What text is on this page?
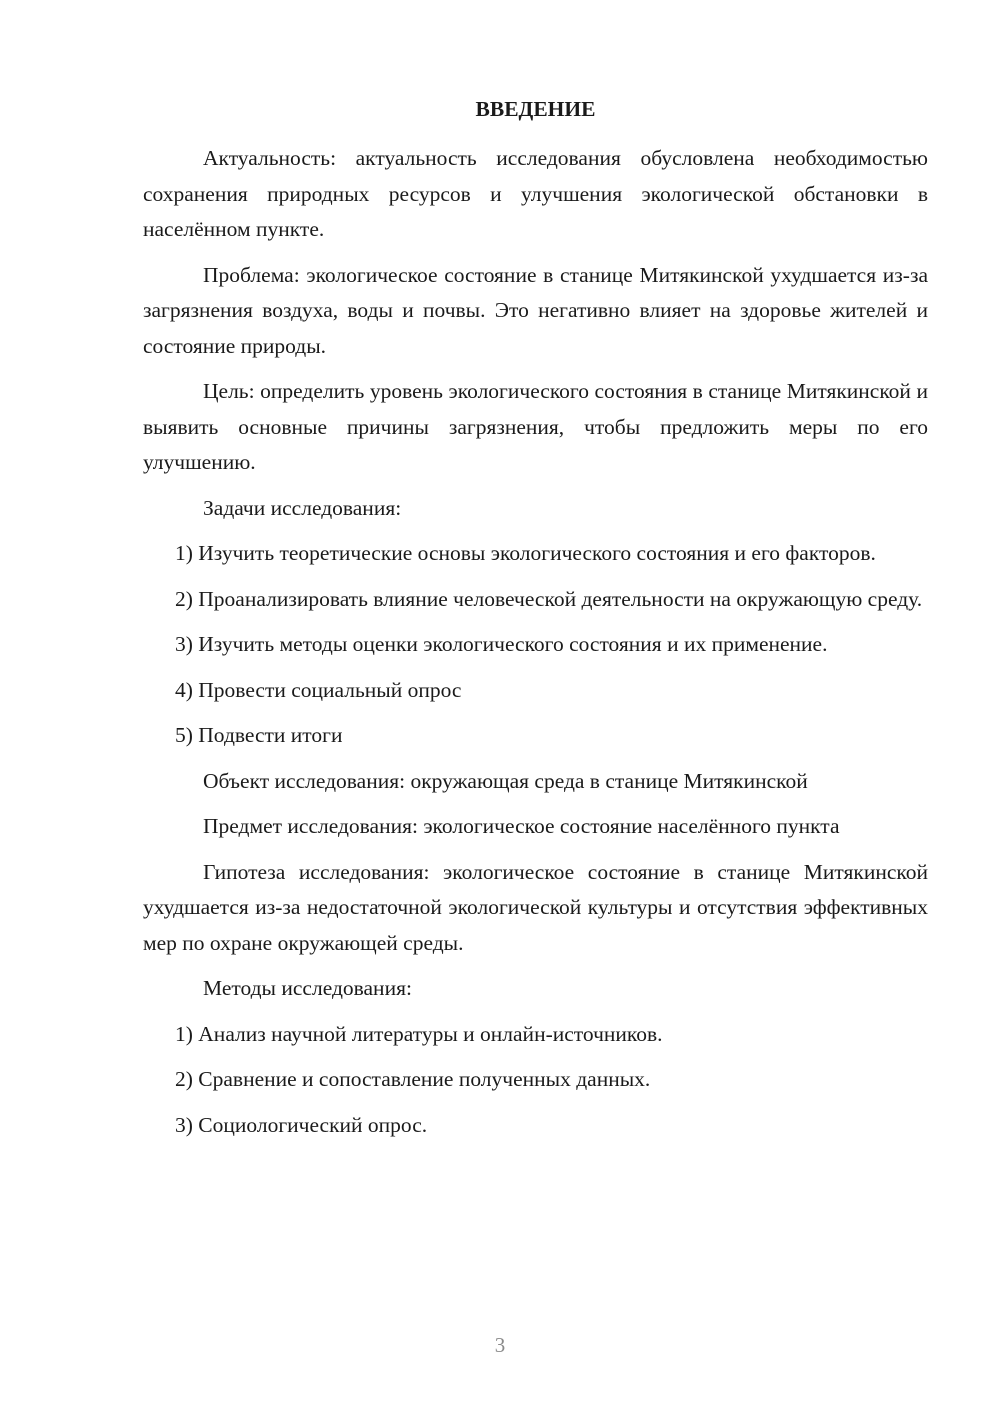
ВВЕДЕНИЕ

Актуальность: актуальность исследования обусловлена необходимостью сохранения природных ресурсов и улучшения экологической обстановки в населённом пункте.

Проблема: экологическое состояние в станице Митякинской ухудшается из-за загрязнения воздуха, воды и почвы. Это негативно влияет на здоровье жителей и состояние природы.

Цель: определить уровень экологического состояния в станице Митякинской и выявить основные причины загрязнения, чтобы предложить меры по его улучшению.

Задачи исследования:

1) Изучить теоретические основы экологического состояния и его факторов.

2) Проанализировать влияние человеческой деятельности на окружающую среду.

3) Изучить методы оценки экологического состояния и их применение.

4) Провести социальный опрос

5) Подвести итоги

Объект исследования: окружающая среда в станице Митякинской

Предмет исследования: экологическое состояние населённого пункта

Гипотеза исследования: экологическое состояние в станице Митякинской ухудшается из-за недостаточной экологической культуры и отсутствия эффективных мер по охране окружающей среды.

Методы исследования:

1) Анализ научной литературы и онлайн-источников.

2) Сравнение и сопоставление полученных данных.

3) Социологический опрос.

3
